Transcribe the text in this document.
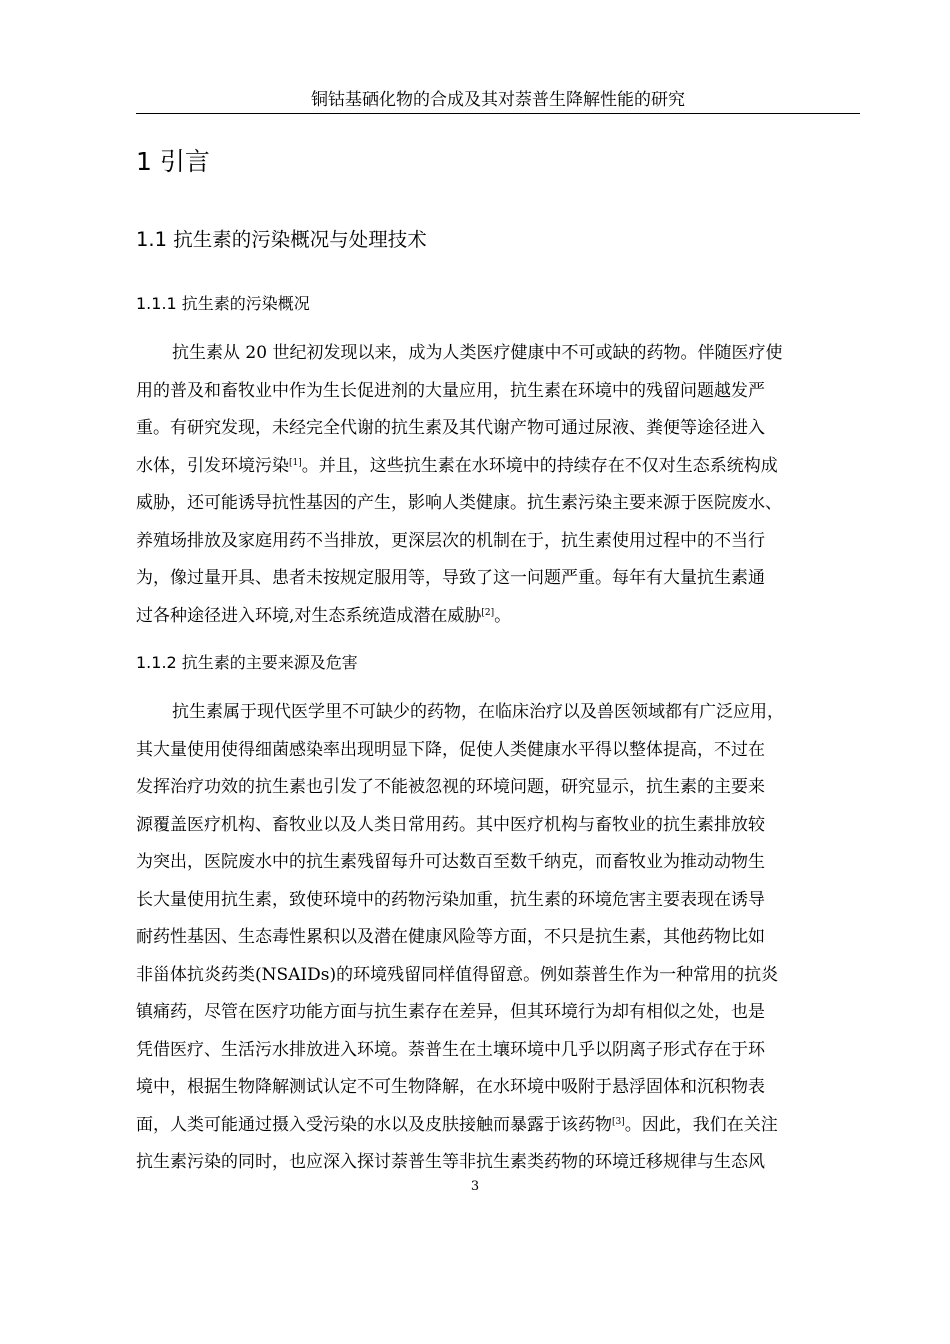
铜钴基硒化物的合成及其对萘普生降解性能的研究
1 引言
1.1 抗生素的污染概况与处理技术
1.1.1 抗生素的污染概况
抗生素从 20 世纪初发现以来，成为人类医疗健康中不可或缺的药物。伴随医疗使
用的普及和畜牧业中作为生长促进剂的大量应用，抗生素在环境中的残留问题越发严
重。有研究发现，未经完全代谢的抗生素及其代谢产物可通过尿液、粪便等途径进入
水体，引发环境污染[1]。并且，这些抗生素在水环境中的持续存在不仅对生态系统构成
威胁，还可能诱导抗性基因的产生，影响人类健康。抗生素污染主要来源于医院废水、
养殖场排放及家庭用药不当排放，更深层次的机制在于，抗生素使用过程中的不当行
为，像过量开具、患者未按规定服用等，导致了这一问题严重。每年有大量抗生素通
过各种途径进入环境,对生态系统造成潜在威胁[2]。
1.1.2 抗生素的主要来源及危害
抗生素属于现代医学里不可缺少的药物，在临床治疗以及兽医领域都有广泛应用，
其大量使用使得细菌感染率出现明显下降，促使人类健康水平得以整体提高，不过在
发挥治疗功效的抗生素也引发了不能被忽视的环境问题，研究显示，抗生素的主要来
源覆盖医疗机构、畜牧业以及人类日常用药。其中医疗机构与畜牧业的抗生素排放较
为突出，医院废水中的抗生素残留每升可达数百至数千纳克，而畜牧业为推动动物生
长大量使用抗生素，致使环境中的药物污染加重，抗生素的环境危害主要表现在诱导
耐药性基因、生态毒性累积以及潜在健康风险等方面，不只是抗生素，其他药物比如
非甾体抗炎药类(NSAIDs)的环境残留同样值得留意。例如萘普生作为一种常用的抗炎
镇痛药，尽管在医疗功能方面与抗生素存在差异，但其环境行为却有相似之处，也是
凭借医疗、生活污水排放进入环境。萘普生在土壤环境中几乎以阴离子形式存在于环
境中，根据生物降解测试认定不可生物降解，在水环境中吸附于悬浮固体和沉积物表
面，人类可能通过摄入受污染的水以及皮肤接触而暴露于该药物[3]。因此，我们在关注
抗生素污染的同时，也应深入探讨萘普生等非抗生素类药物的环境迁移规律与生态风
3
